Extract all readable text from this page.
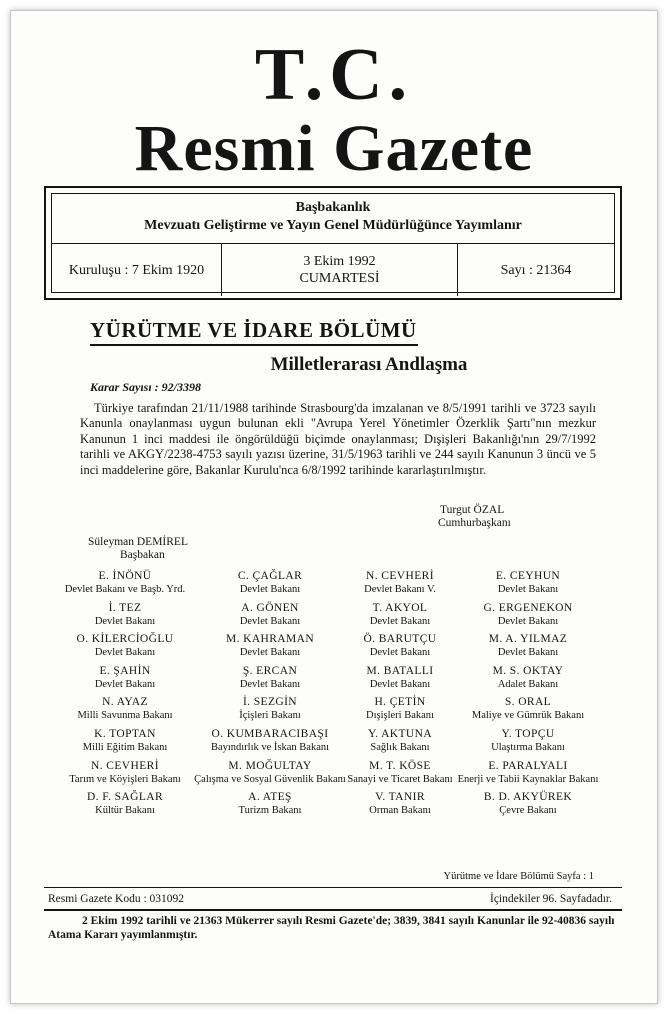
T.C.
Resmi Gazete
Başbakanlık
Mevzuatı Geliştirme ve Yayın Genel Müdürlüğünce Yayımlanır
Kuruluşu : 7 Ekim 1920
3 Ekim 1992
CUMARTESİ
Sayı : 21364
YÜRÜTME VE İDARE BÖLÜMÜ
Milletlerarası Andlaşma
Karar Sayısı : 92/3398
Türkiye tarafından 21/11/1988 tarihinde Strasbourg'da imzalanan ve 8/5/1991 tarihli ve 3723 sayılı Kanunla onaylanması uygun bulunan ekli "Avrupa Yerel Yönetimler Özerklik Şartı"nın mezkur Kanunun 1 inci maddesi ile öngörüldüğü biçimde onaylanması; Dışişleri Bakanlığı'nın 29/7/1992 tarihli ve AKGY/2238-4753 sayılı yazısı üzerine, 31/5/1963 tarihli ve 244 sayılı Kanunun 3 üncü ve 5 inci maddelerine göre, Bakanlar Kurulu'nca 6/8/1992 tarihinde kararlaştırılmıştır.
Turgut ÖZAL
Cumhurbaşkanı
Süleyman DEMİREL
Başbakan
E. İNÖNÜ
Devlet Bakanı ve Başb. Yrd.
C. ÇAĞLAR
Devlet Bakanı
N. CEVHERİ
Devlet Bakanı V.
E. CEYHUN
Devlet Bakanı
İ. TEZ
Devlet Bakanı
A. GÖNEN
Devlet Bakanı
T. AKYOL
Devlet Bakanı
G. ERGENEKON
Devlet Bakanı
O. KİLERCİOĞLU
Devlet Bakanı
M. KAHRAMAN
Devlet Bakanı
Ö. BARUTÇU
Devlet Bakanı
M. A. YILMAZ
Devlet Bakanı
E. ŞAHİN
Devlet Bakanı
Ş. ERCAN
Devlet Bakanı
M. BATALLI
Devlet Bakanı
M. S. OKTAY
Adalet Bakanı
N. AYAZ
Milli Savunma Bakanı
İ. SEZGİN
İçişleri Bakanı
H. ÇETİN
Dışişleri Bakanı
S. ORAL
Maliye ve Gümrük Bakanı
K. TOPTAN
Milli Eğitim Bakanı
O. KUMBARACIBAŞI
Bayındırlık ve İskan Bakanı
Y. AKTUNA
Sağlık Bakanı
Y. TOPÇU
Ulaştırma Bakanı
N. CEVHERİ
Tarım ve Köyişleri Bakanı
M. MOĞULTAY
Çalışma ve Sosyal Güvenlik Bakanı
M. T. KÖSE
Sanayi ve Ticaret Bakanı
E. PARALYALI
Enerji ve Tabii Kaynaklar Bakanı
D. F. SAĞLAR
Kültür Bakanı
A. ATEŞ
Turizm Bakanı
V. TANIR
Orman Bakanı
B. D. AKYÜREK
Çevre Bakanı
Yürütme ve İdare Bölümü Sayfa : 1
Resmi Gazete Kodu : 031092	İçindekiler 96. Sayfadadır.
2 Ekim 1992 tarihli ve 21363 Mükerrer sayılı Resmi Gazete'de; 3839, 3841 sayılı Kanunlar ile 92-40836 sayılı Atama Kararı yayımlanmıştır.
